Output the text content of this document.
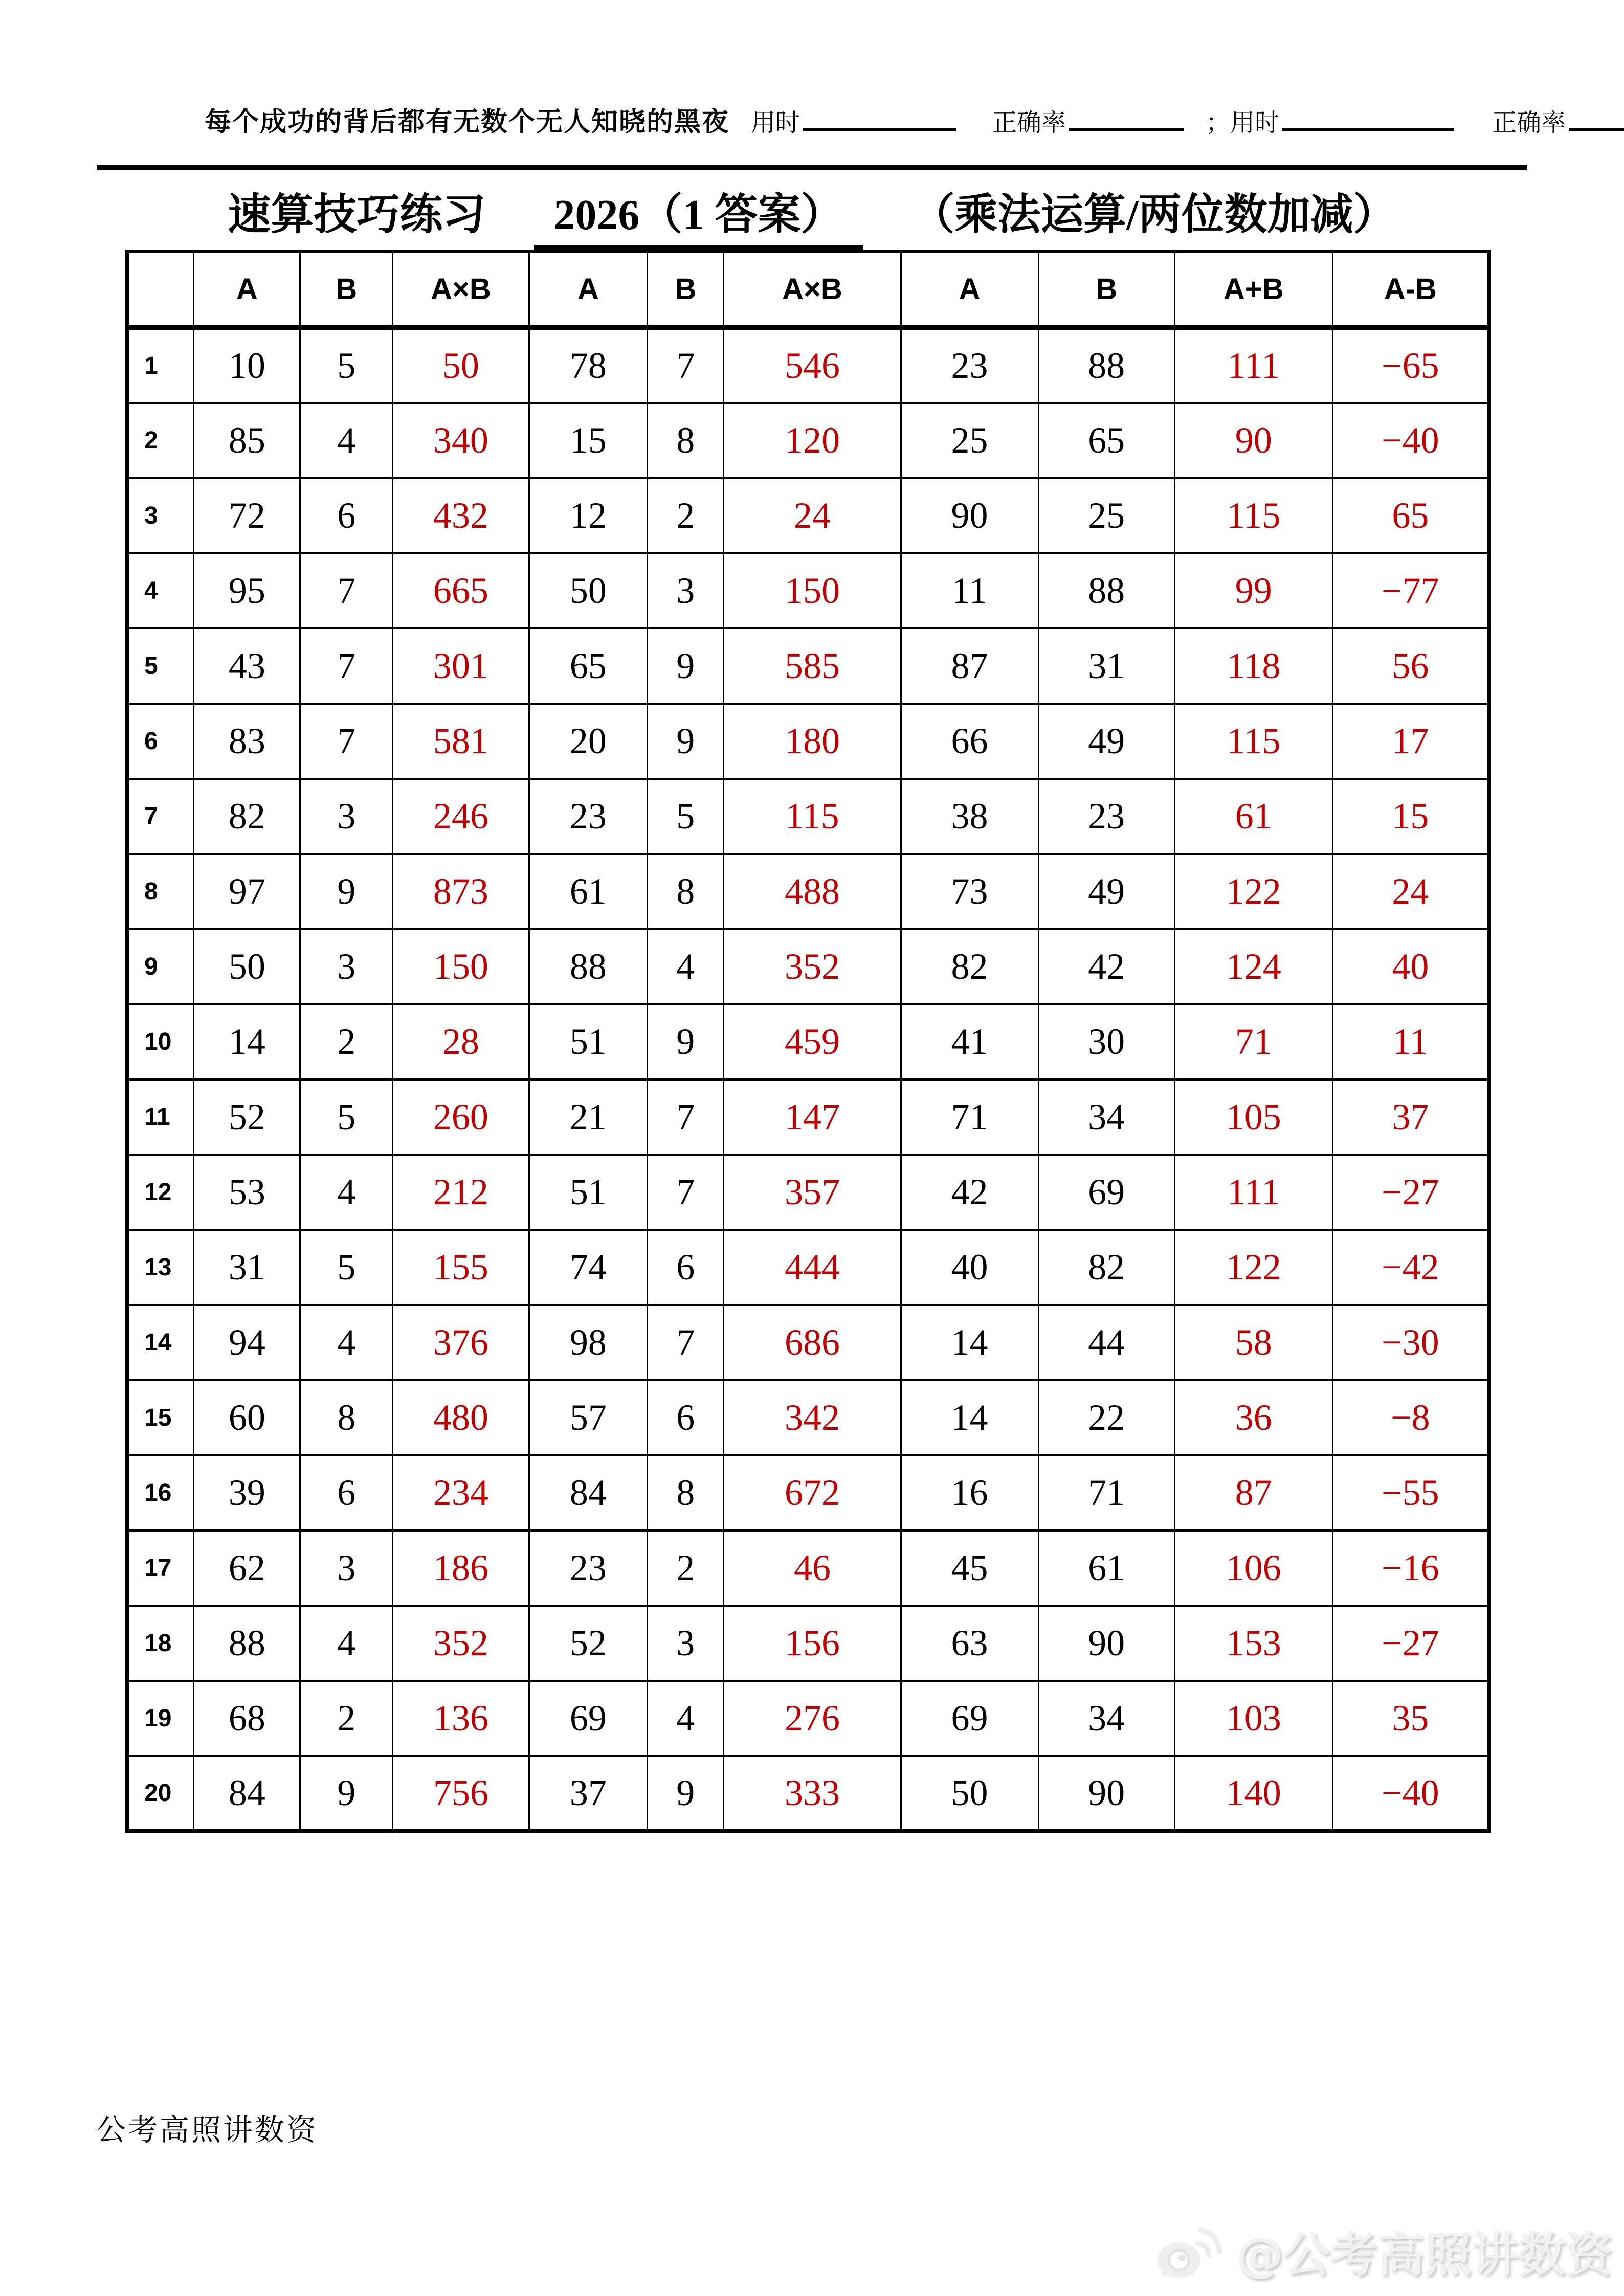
每个成功的背后都有无数个无人知晓的黑夜 用时	正确率	；用时	正确率
速算技巧练习	2026（1 答案）	（乘法运算/两位数加减）
	A	B	A×B	A	B	A×B	A	B	A+B	A-B
1	10	5	50	78	7	546	23	88	111	−65
2	85	4	340	15	8	120	25	65	90	−40
3	72	6	432	12	2	24	90	25	115	65
4	95	7	665	50	3	150	11	88	99	−77
5	43	7	301	65	9	585	87	31	118	56
6	83	7	581	20	9	180	66	49	115	17
7	82	3	246	23	5	115	38	23	61	15
8	97	9	873	61	8	488	73	49	122	24
9	50	3	150	88	4	352	82	42	124	40
10	14	2	28	51	9	459	41	30	71	11
11	52	5	260	21	7	147	71	34	105	37
12	53	4	212	51	7	357	42	69	111	−27
13	31	5	155	74	6	444	40	82	122	−42
14	94	4	376	98	7	686	14	44	58	−30
15	60	8	480	57	6	342	14	22	36	−8
16	39	6	234	84	8	672	16	71	87	−55
17	62	3	186	23	2	46	45	61	106	−16
18	88	4	352	52	3	156	63	90	153	−27
19	68	2	136	69	4	276	69	34	103	35
20	84	9	756	37	9	333	50	90	140	−40
公考高照讲数资
@公考高照讲数资
